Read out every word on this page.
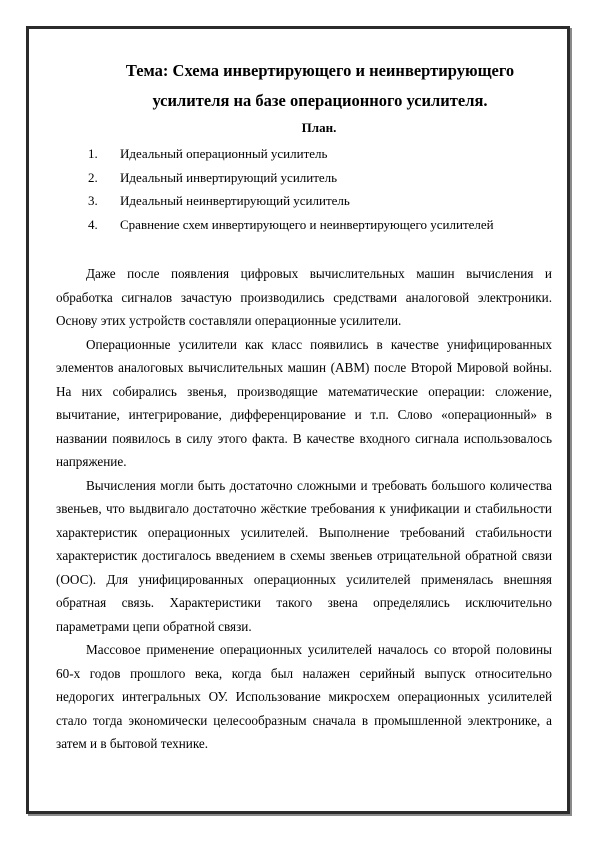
Тема: Схема инвертирующего и неинвертирующего
усилителя на базе операционного усилителя.
План.
1. Идеальный операционный усилитель
2. Идеальный инвертирующий усилитель
3. Идеальный неинвертирующий усилитель
4. Сравнение схем инвертирующего и неинвертирующего усилителей

Даже после появления цифровых вычислительных машин вычисления и обработка сигналов зачастую производились средствами аналоговой электроники. Основу этих устройств составляли операционные усилители.

Операционные усилители как класс появились в качестве унифицированных элементов аналоговых вычислительных машин (АВМ) после Второй Мировой войны. На них собирались звенья, производящие математические операции: сложение, вычитание, интегрирование, дифференцирование и т.п. Слово «операционный» в названии появилось в силу этого факта. В качестве входного сигнала использовалось напряжение.

Вычисления могли быть достаточно сложными и требовать большого количества звеньев, что выдвигало достаточно жёсткие требования к унификации и стабильности характеристик операционных усилителей. Выполнение требований стабильности характеристик достигалось введением в схемы звеньев отрицательной обратной связи (ООС). Для унифицированных операционных усилителей применялась внешняя обратная связь. Характеристики такого звена определялись исключительно параметрами цепи обратной связи.

Массовое применение операционных усилителей началось со второй половины 60-х годов прошлого века, когда был налажен серийный выпуск относительно недорогих интегральных ОУ. Использование микросхем операционных усилителей стало тогда экономически целесообразным сначала в промышленной электронике, а затем и в бытовой технике.
